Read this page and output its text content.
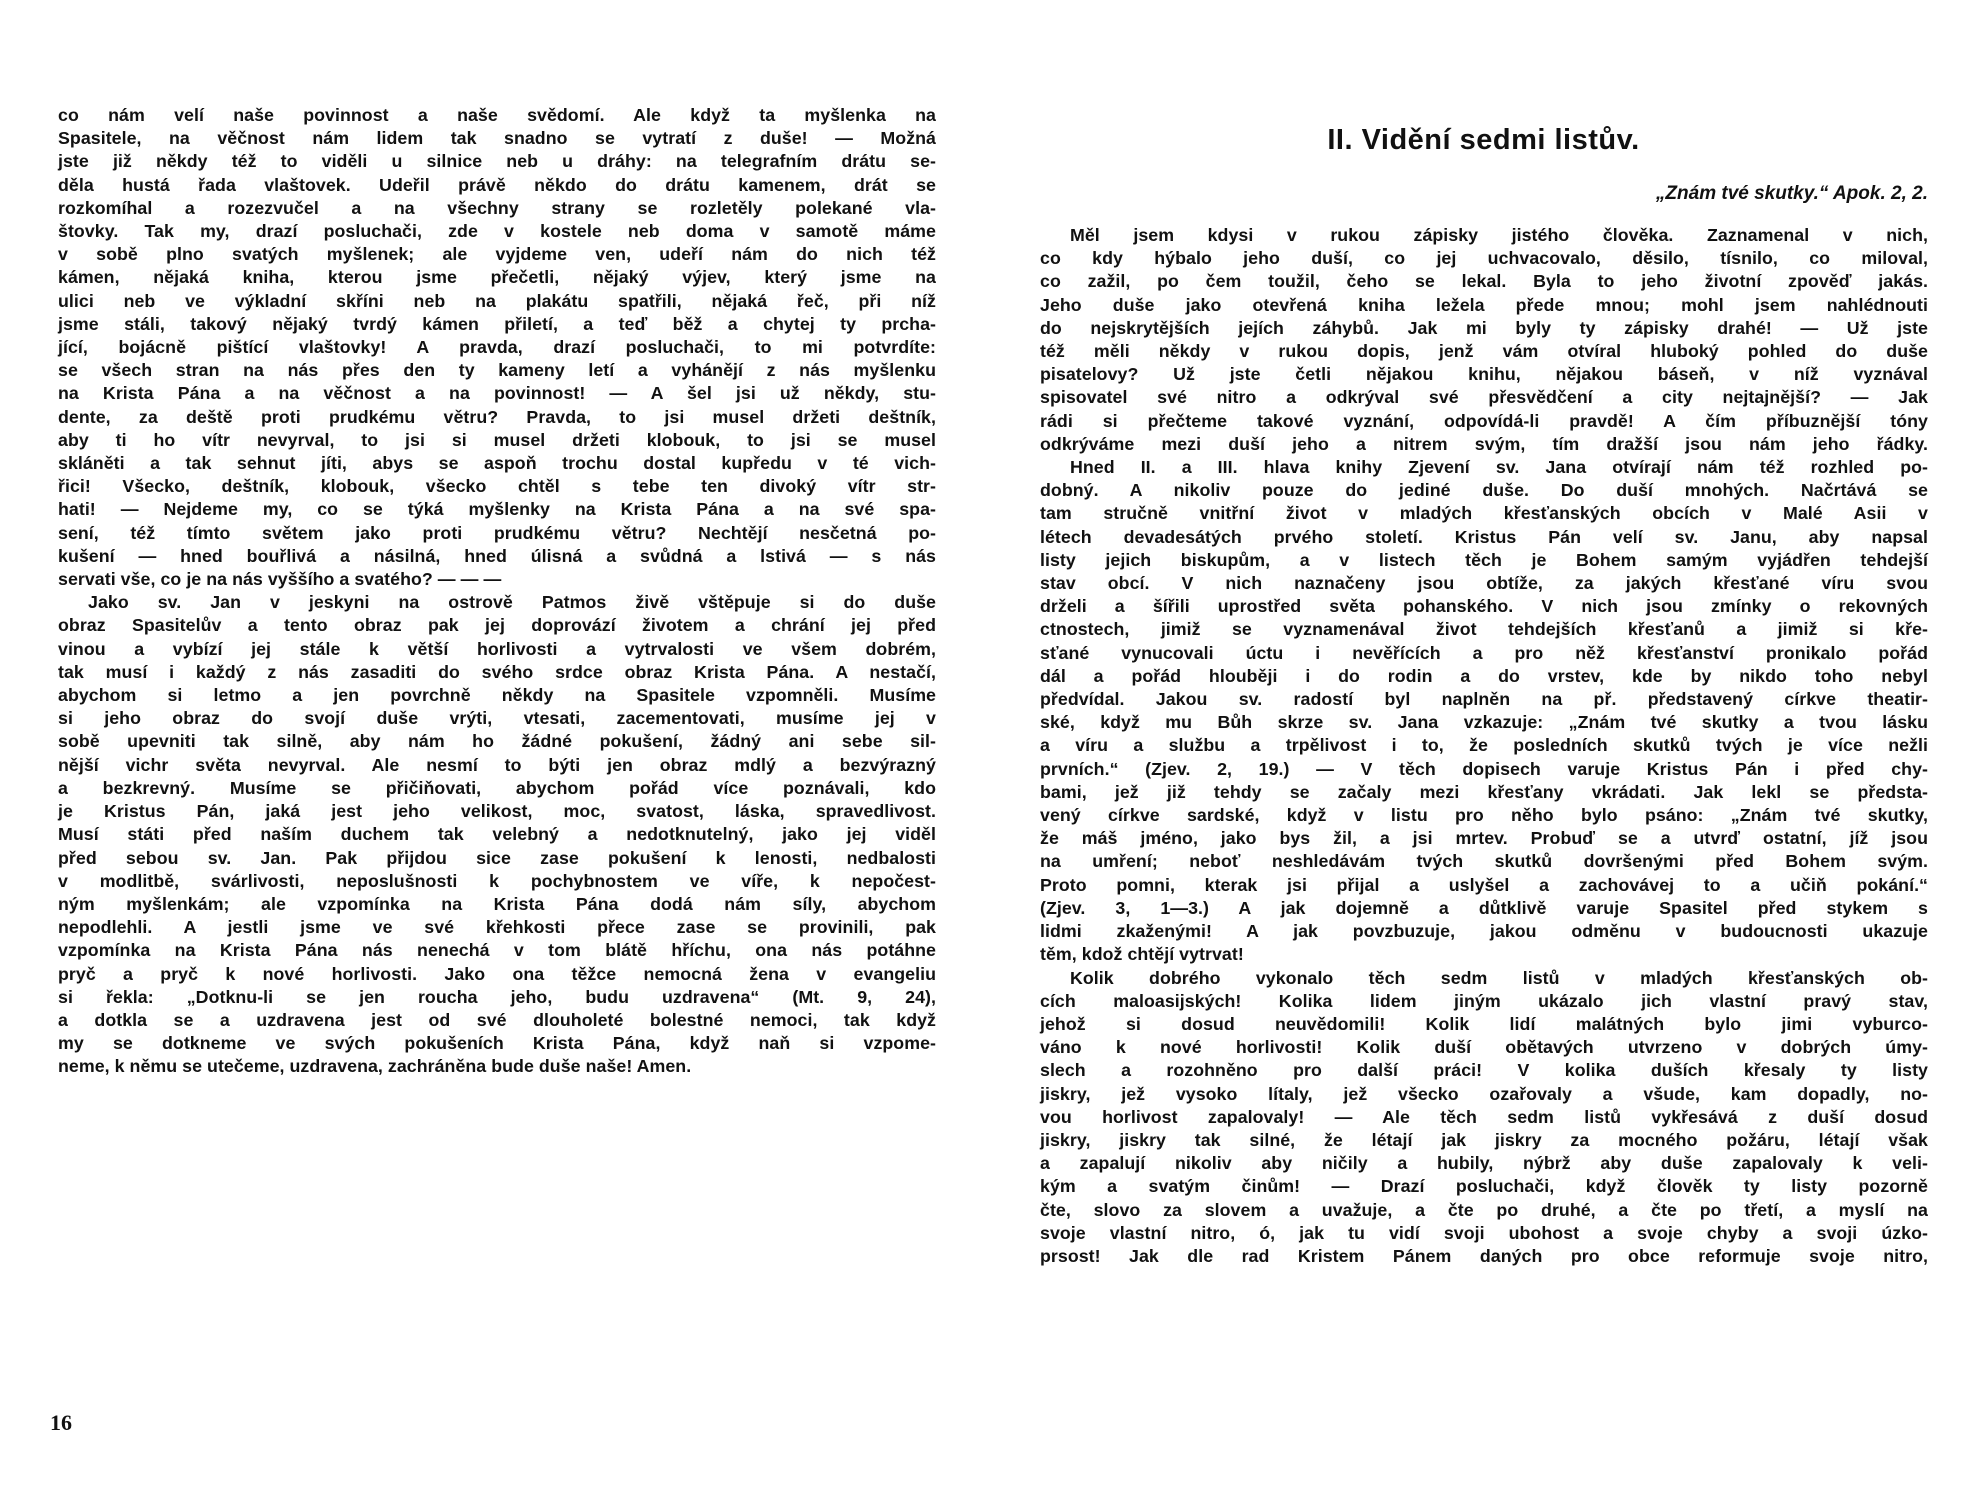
co nám velí naše povinnost a naše svědomí. Ale když ta myšlenka na

Spasitele, na věčnost nám lidem tak snadno se vytratí z duše! — Možná

jste již někdy též to viděli u silnice neb u dráhy: na telegrafním drátu se-

děla hustá řada vlaštovek. Udeřil právě někdo do drátu kamenem, drát se

rozkomíhal a rozezvučel a na všechny strany se rozletěly polekané vla-

štovky. Tak my, drazí posluchači, zde v kostele neb doma v samotě máme

v sobě plno svatých myšlenek; ale vyjdeme ven, udeří nám do nich též

kámen, nějaká kniha, kterou jsme přečetli, nějaký výjev, který jsme na

ulici neb ve výkladní skříni neb na plakátu spatřili, nějaká řeč, při níž

jsme stáli, takový nějaký tvrdý kámen přiletí, a teď běž a chytej ty prcha-

jící, bojácně pištící vlaštovky! A pravda, drazí posluchači, to mi potvrdíte:

se všech stran na nás přes den ty kameny letí a vyhánějí z nás myšlenku

na Krista Pána a na věčnost a na povinnost! — A šel jsi už někdy, stu-

dente, za deště proti prudkému větru? Pravda, to jsi musel držeti deštník,

aby ti ho vítr nevyrval, to jsi si musel držeti klobouk, to jsi se musel

skláněti a tak sehnut jíti, abys se aspoň trochu dostal kupředu v té vich-

řici! Všecko, deštník, klobouk, všecko chtěl s tebe ten divoký vítr str-

hati! — Nejdeme my, co se týká myšlenky na Krista Pána a na své spa-

sení, též tímto světem jako proti prudkému větru? Nechtějí nesčetná po-

kušení — hned bouřlivá a násilná, hned úlisná a svůdná a lstivá — s nás

servati vše, co je na nás vyššího a svatého? — — —

Jako sv. Jan v jeskyni na ostrově Patmos živě vštěpuje si do duše

obraz Spasitelův a tento obraz pak jej doprovází životem a chrání jej před

vinou a vybízí jej stále k větší horlivosti a vytrvalosti ve všem dobrém,

tak musí i každý z nás zasaditi do svého srdce obraz Krista Pána. A nestačí,

abychom si letmo a jen povrchně někdy na Spasitele vzpomněli. Musíme

si jeho obraz do svojí duše vrýti, vtesati, zacementovati, musíme jej v

sobě upevniti tak silně, aby nám ho žádné pokušení, žádný ani sebe sil-

nější vichr světa nevyrval. Ale nesmí to býti jen obraz mdlý a bezvýrazný

a bezkrevný. Musíme se přičiňovati, abychom pořád více poznávali, kdo

je Kristus Pán, jaká jest jeho velikost, moc, svatost, láska, spravedlivost.

Musí státi před naším duchem tak velebný a nedotknutelný, jako jej viděl

před sebou sv. Jan. Pak přijdou sice zase pokušení k lenosti, nedbalosti

v modlitbě, svárlivosti, neposlušnosti k pochybnostem ve víře, k nepočest-

ným myšlenkám; ale vzpomínka na Krista Pána dodá nám síly, abychom

nepodlehli. A jestli jsme ve své křehkosti přece zase se provinili, pak

vzpomínka na Krista Pána nás nenechá v tom blátě hříchu, ona nás potáhne

pryč a pryč k nové horlivosti. Jako ona těžce nemocná žena v evangeliu

si řekla: „Dotknu-li se jen roucha jeho, budu uzdravena“ (Mt. 9, 24),

a dotkla se a uzdravena jest od své dlouholeté bolestné nemoci, tak když

my se dotkneme ve svých pokušeních Krista Pána, když naň si vzpome-

neme, k němu se utečeme, uzdravena, zachráněna bude duše naše! Amen.

16
II. Vidění sedmi listův.
„Znám tvé skutky.“ Apok. 2, 2.

Měl jsem kdysi v rukou zápisky jistého člověka. Zaznamenal v nich,

co kdy hýbalo jeho duší, co jej uchvacovalo, děsilo, tísnilo, co miloval,

co zažil, po čem toužil, čeho se lekal. Byla to jeho životní zpověď jakás.

Jeho duše jako otevřená kniha ležela přede mnou; mohl jsem nahlédnouti

do nejskrytějších jejích záhybů. Jak mi byly ty zápisky drahé! — Už jste

též měli někdy v rukou dopis, jenž vám otvíral hluboký pohled do duše

pisatelovy? Už jste četli nějakou knihu, nějakou báseň, v níž vyznával

spisovatel své nitro a odkrýval své přesvědčení a city nejtajnější? — Jak

rádi si přečteme takové vyznání, odpovídá-li pravdě! A čím příbuznější tóny

odkrýváme mezi duší jeho a nitrem svým, tím dražší jsou nám jeho řádky.

Hned II. a III. hlava knihy Zjevení sv. Jana otvírají nám též rozhled po-

dobný. A nikoliv pouze do jediné duše. Do duší mnohých. Načrtává se

tam stručně vnitřní život v mladých křesťanských obcích v Malé Asii v

létech devadesátých prvého století. Kristus Pán velí sv. Janu, aby napsal

listy jejich biskupům, a v listech těch je Bohem samým vyjádřen tehdejší

stav obcí. V nich naznačeny jsou obtíže, za jakých křesťané víru svou

drželi a šířili uprostřed světa pohanského. V nich jsou zmínky o rekovných

ctnostech, jimiž se vyznamenával život tehdejších křesťanů a jimiž si kře-

sťané vynucovali úctu i nevěřících a pro něž křesťanství pronikalo pořád

dál a pořád hlouběji i do rodin a do vrstev, kde by nikdo toho nebyl

předvídal. Jakou sv. radostí byl naplněn na př. představený církve theatir-

ské, když mu Bůh skrze sv. Jana vzkazuje: „Znám tvé skutky a tvou lásku

a víru a službu a trpělivost i to, že posledních skutků tvých je více nežli

prvních.“ (Zjev. 2, 19.) — V těch dopisech varuje Kristus Pán i před chy-

bami, jež již tehdy se začaly mezi křesťany vkrádati. Jak lekl se předsta-

vený církve sardské, když v listu pro něho bylo psáno: „Znám tvé skutky,

že máš jméno, jako bys žil, a jsi mrtev. Probuď se a utvrď ostatní, jíž jsou

na umření; neboť neshledávám tvých skutků dovršenými před Bohem svým.

Proto pomni, kterak jsi přijal a uslyšel a zachovávej to a učiň pokání.“

(Zjev. 3, 1—3.) A jak dojemně a důtklivě varuje Spasitel před stykem s

lidmi zkaženými! A jak povzbuzuje, jakou odměnu v budoucnosti ukazuje

těm, kdož chtějí vytrvat!

Kolik dobrého vykonalo těch sedm listů v mladých křesťanských ob-

cích maloasijských! Kolika lidem jiným ukázalo jich vlastní pravý stav,

jehož si dosud neuvědomili! Kolik lidí malátných bylo jimi vyburco-

váno k nové horlivosti! Kolik duší obětavých utvrzeno v dobrých úmy-

slech a rozohněno pro další práci! V kolika duších křesaly ty listy

jiskry, jež vysoko lítaly, jež všecko ozařovaly a všude, kam dopadly, no-

vou horlivost zapalovaly! — Ale těch sedm listů vykřesává z duší dosud

jiskry, jiskry tak silné, že létají jak jiskry za mocného požáru, létají však

a zapalují nikoliv aby ničily a hubily, nýbrž aby duše zapalovaly k veli-

kým a svatým činům! — Drazí posluchači, když člověk ty listy pozorně

čte, slovo za slovem a uvažuje, a čte po druhé, a čte po třetí, a myslí na

svoje vlastní nitro, ó, jak tu vidí svoji ubohost a svoje chyby a svoji úzko-

prsost! Jak dle rad Kristem Pánem daných pro obce reformuje svoje nitro,
